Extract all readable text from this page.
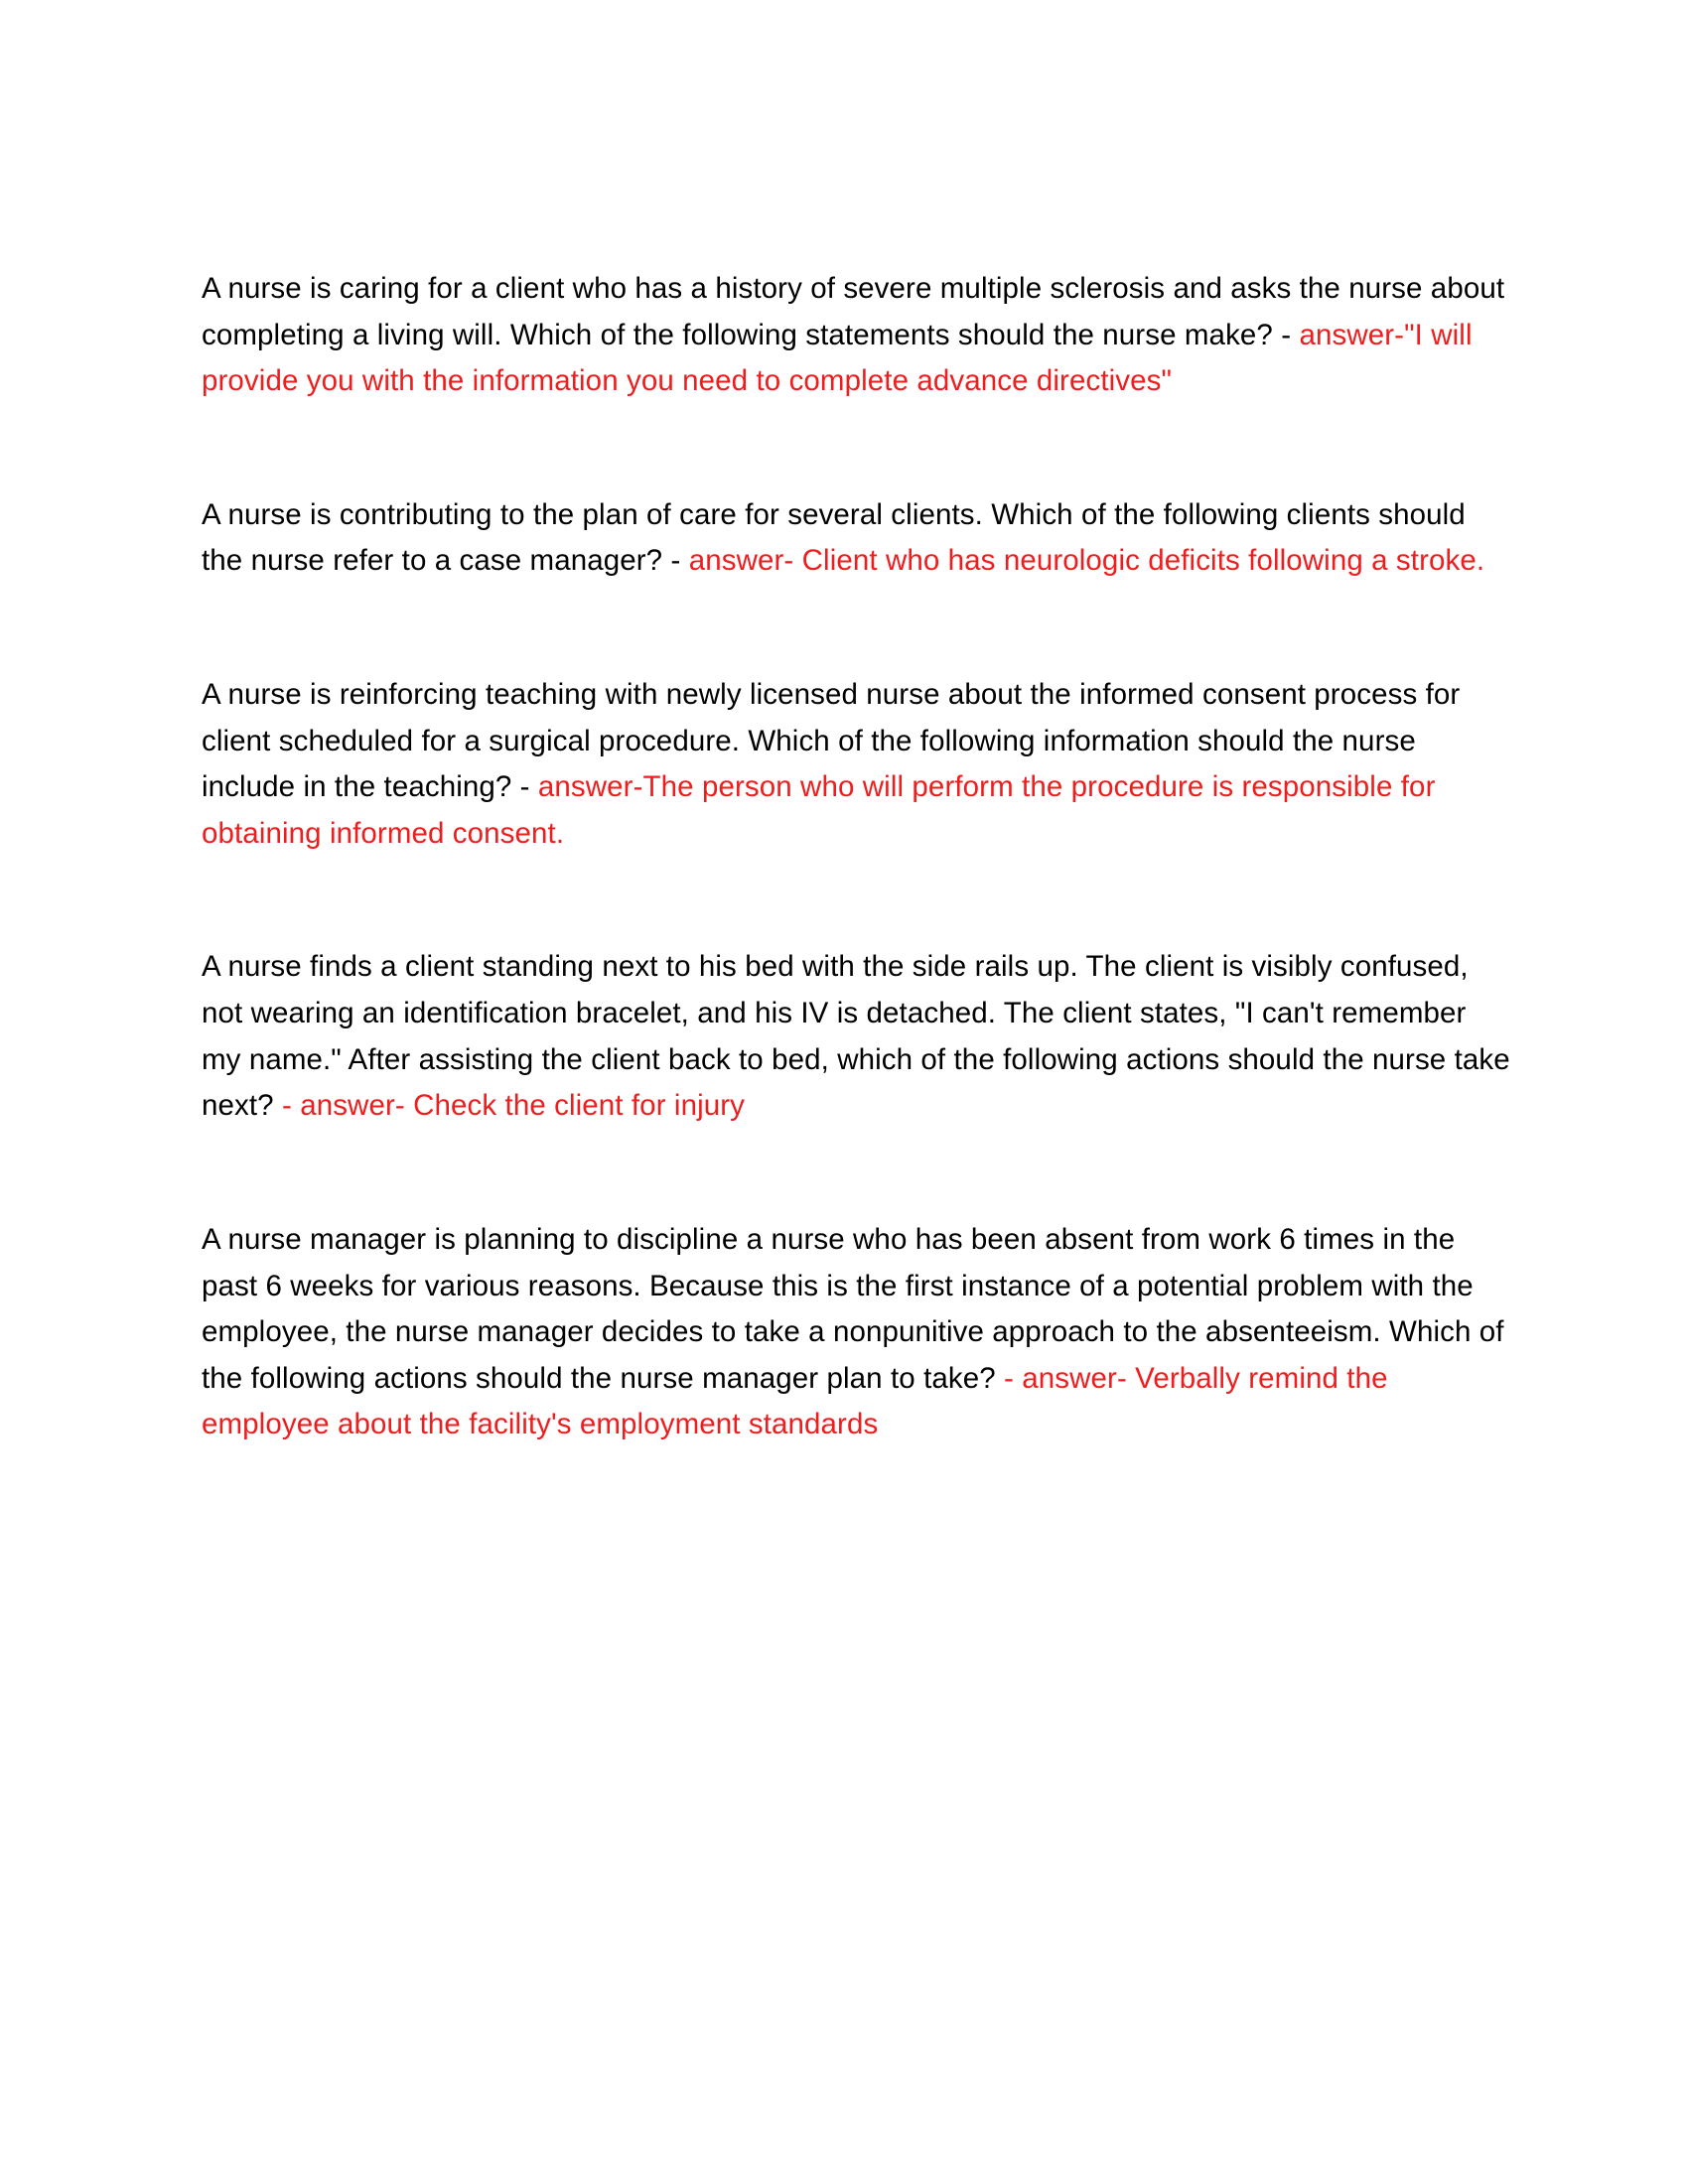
A nurse is caring for a client who has a history of severe multiple sclerosis and asks the nurse about completing a living will. Which of the following statements should the nurse make? - answer-"I will provide you with the information you need to complete advance directives"

A nurse is contributing to the plan of care for several clients. Which of the following clients should the nurse refer to a case manager? - answer- Client who has neurologic deficits following a stroke.

A nurse is reinforcing teaching with newly licensed nurse about the informed consent process for client scheduled for a surgical procedure. Which of the following information should the nurse include in the teaching? - answer-The person who will perform the procedure is responsible for obtaining informed consent.

A nurse finds a client standing next to his bed with the side rails up. The client is visibly confused, not wearing an identification bracelet, and his IV is detached. The client states, "I can't remember my name." After assisting the client back to bed, which of the following actions should the nurse take next? - answer- Check the client for injury

A nurse manager is planning to discipline a nurse who has been absent from work 6 times in the past 6 weeks for various reasons. Because this is the first instance of a potential problem with the employee, the nurse manager decides to take a nonpunitive approach to the absenteeism. Which of the following actions should the nurse manager plan to take? - answer- Verbally remind the employee about the facility's employment standards
